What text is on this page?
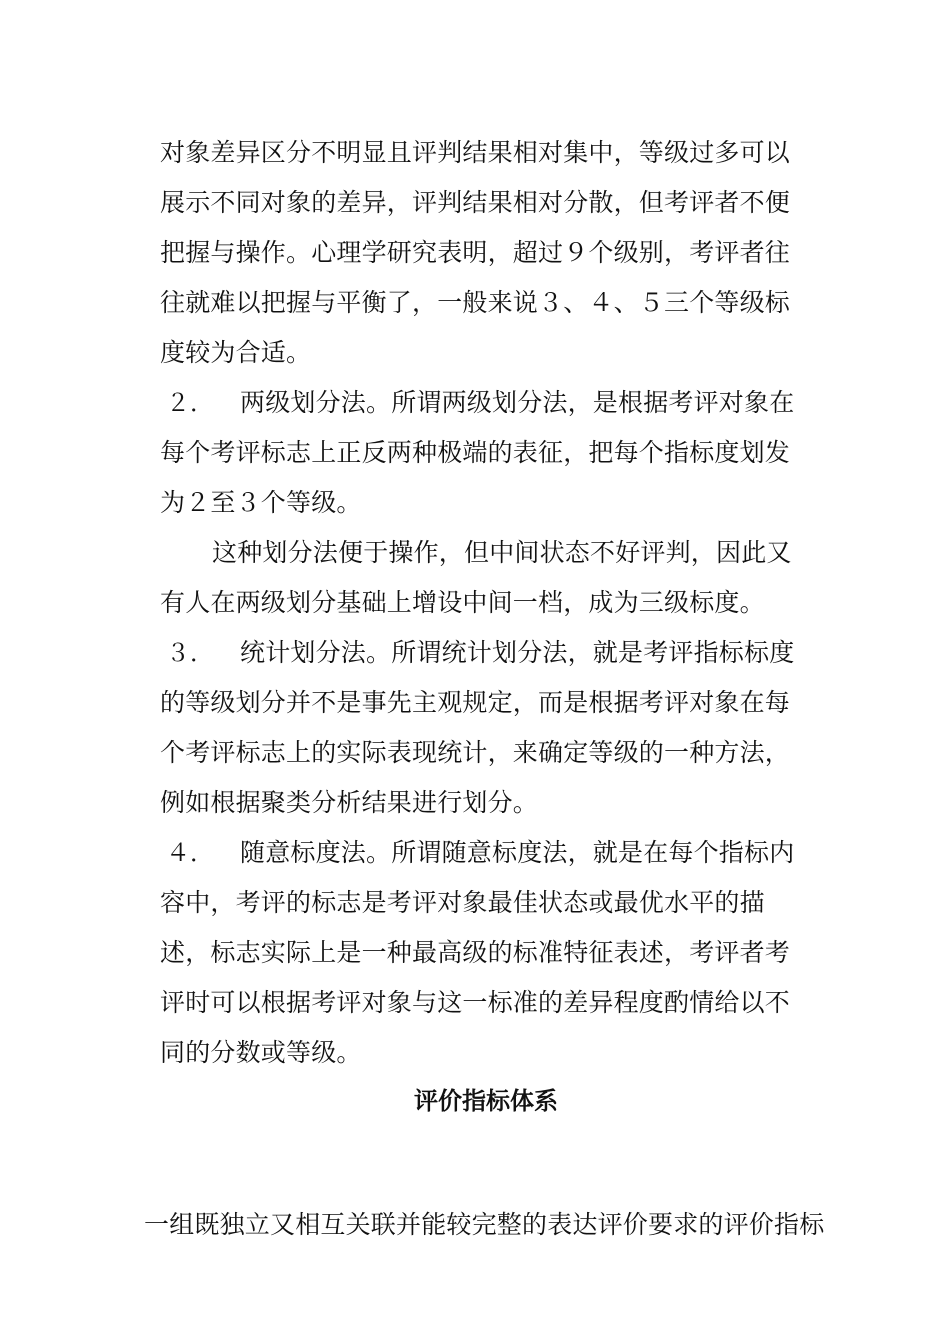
对象差异区分不明显且评判结果相对集中，等级过多可以
展示不同对象的差异，评判结果相对分散，但考评者不便
把握与操作。心理学研究表明，超过９个级别，考评者往
往就难以把握与平衡了，一般来说３、４、５三个等级标
度较为合适。
２． 两级划分法。所谓两级划分法，是根据考评对象在
每个考评标志上正反两种极端的表征，把每个指标度划发
为２至３个等级。
这种划分法便于操作，但中间状态不好评判，因此又
有人在两级划分基础上增设中间一档，成为三级标度。
３． 统计划分法。所谓统计划分法，就是考评指标标度
的等级划分并不是事先主观规定，而是根据考评对象在每
个考评标志上的实际表现统计，来确定等级的一种方法，
例如根据聚类分析结果进行划分。
４． 随意标度法。所谓随意标度法，就是在每个指标内
容中，考评的标志是考评对象最佳状态或最优水平的描
述，标志实际上是一种最高级的标准特征表述，考评者考
评时可以根据考评对象与这一标准的差异程度酌情给以不
同的分数或等级。
评价指标体系
一组既独立又相互关联并能较完整的表达评价要求的评价指标
